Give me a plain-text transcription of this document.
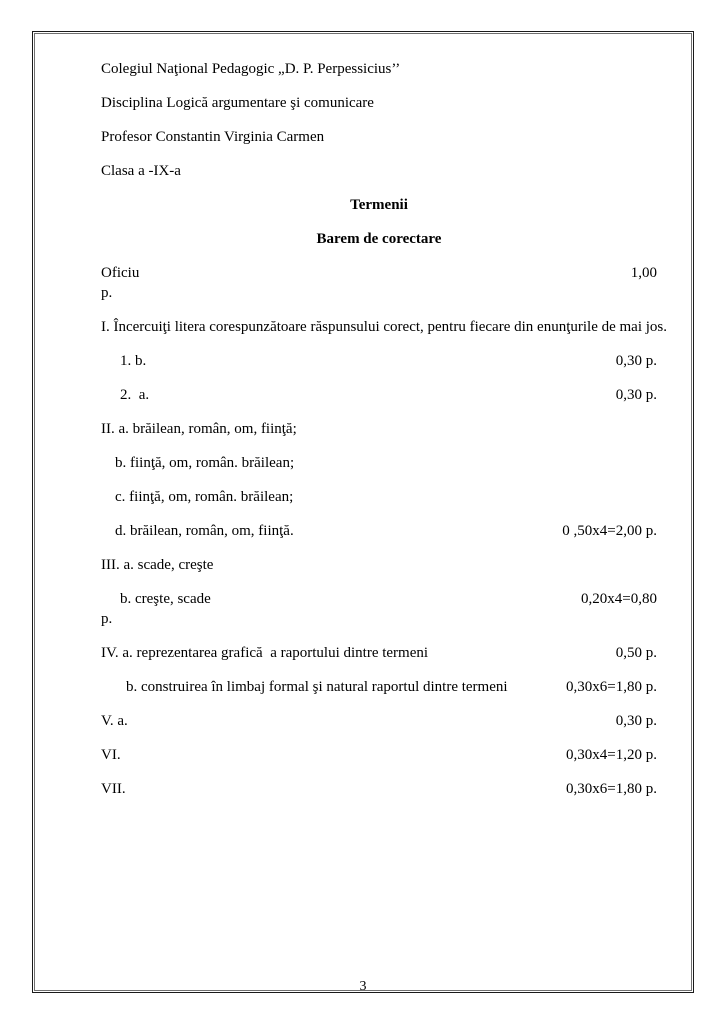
Colegiul Naţional Pedagogic „D. P. Perpessicius’’

Disciplina Logică argumentare şi comunicare

Profesor Constantin Virginia Carmen

Clasa a -IX-a

Termenii

Barem de corectare

Oficiu	1,00

p.

I. Încercuiţi litera corespunzătoare răspunsului corect, pentru fiecare din enunţurile de mai jos.

1. b.	0,30 p.
2.  a.	0,30 p.
II. a. brăilean, român, om, fiinţă;
b. fiinţă, om, român. brăilean;
c. fiinţă, om, român. brăilean;
d. brăilean, român, om, fiinţă.	0 ,50x4=2,00 p.
III. a. scade, creşte
b. creşte, scade	0,20x4=0,80

p.

IV. a. reprezentarea grafică  a raportului dintre termeni	0,50 p.
b. construirea în limbaj formal şi natural raportul dintre termeni	0,30x6=1,80 p.
V. a.	0,30 p.
VI.	0,30x4=1,20 p.
VII.	0,30x6=1,80 p.
3
